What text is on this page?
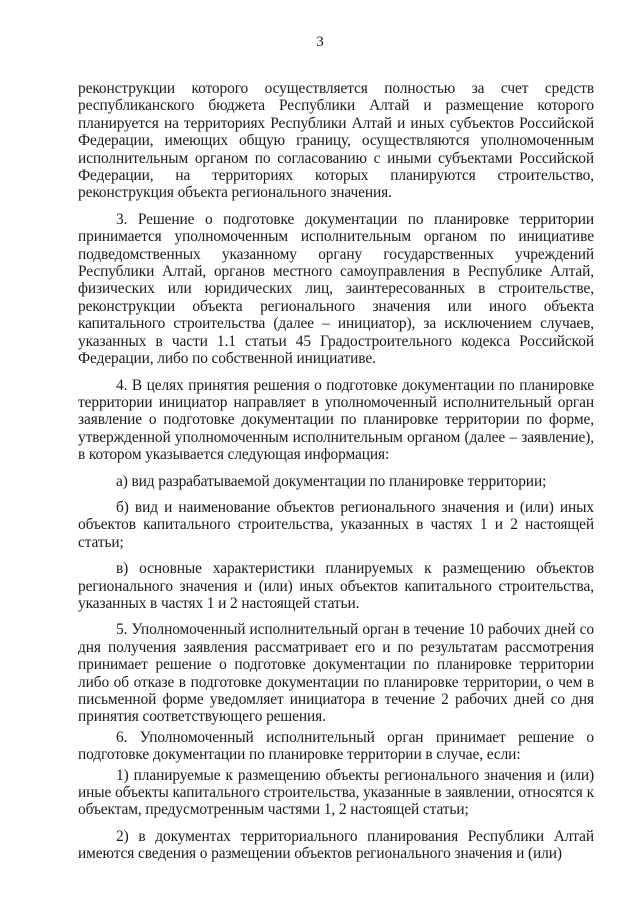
3

реконструкции которого осуществляется полностью за счет средств республиканского бюджета Республики Алтай и размещение которого планируется на территориях Республики Алтай и иных субъектов Российской Федерации, имеющих общую границу, осуществляются уполномоченным исполнительным органом по согласованию с иными субъектами Российской Федерации, на территориях которых планируются строительство, реконструкция объекта регионального значения.

3. Решение о подготовке документации по планировке территории принимается уполномоченным исполнительным органом по инициативе подведомственных указанному органу государственных учреждений Республики Алтай, органов местного самоуправления в Республике Алтай, физических или юридических лиц, заинтересованных в строительстве, реконструкции объекта регионального значения или иного объекта капитального строительства (далее – инициатор), за исключением случаев, указанных в части 1.1 статьи 45 Градостроительного кодекса Российской Федерации, либо по собственной инициативе.

4. В целях принятия решения о подготовке документации по планировке территории инициатор направляет в уполномоченный исполнительный орган заявление о подготовке документации по планировке территории по форме, утвержденной уполномоченным исполнительным органом (далее – заявление), в котором указывается следующая информация:

а) вид разрабатываемой документации по планировке территории;

б) вид и наименование объектов регионального значения и (или) иных объектов капитального строительства, указанных в частях 1 и 2 настоящей статьи;

в) основные характеристики планируемых к размещению объектов регионального значения и (или) иных объектов капитального строительства, указанных в частях 1 и 2 настоящей статьи.

5. Уполномоченный исполнительный орган в течение 10 рабочих дней со дня получения заявления рассматривает его и по результатам рассмотрения принимает решение о подготовке документации по планировке территории либо об отказе в подготовке документации по планировке территории, о чем в письменной форме уведомляет инициатора в течение 2 рабочих дней со дня принятия соответствующего решения.

6. Уполномоченный исполнительный орган принимает решение о подготовке документации по планировке территории в случае, если:

1) планируемые к размещению объекты регионального значения и (или) иные объекты капитального строительства, указанные в заявлении, относятся к объектам, предусмотренным частями 1, 2 настоящей статьи;

2) в документах территориального планирования Республики Алтай имеются сведения о размещении объектов регионального значения и (или)
